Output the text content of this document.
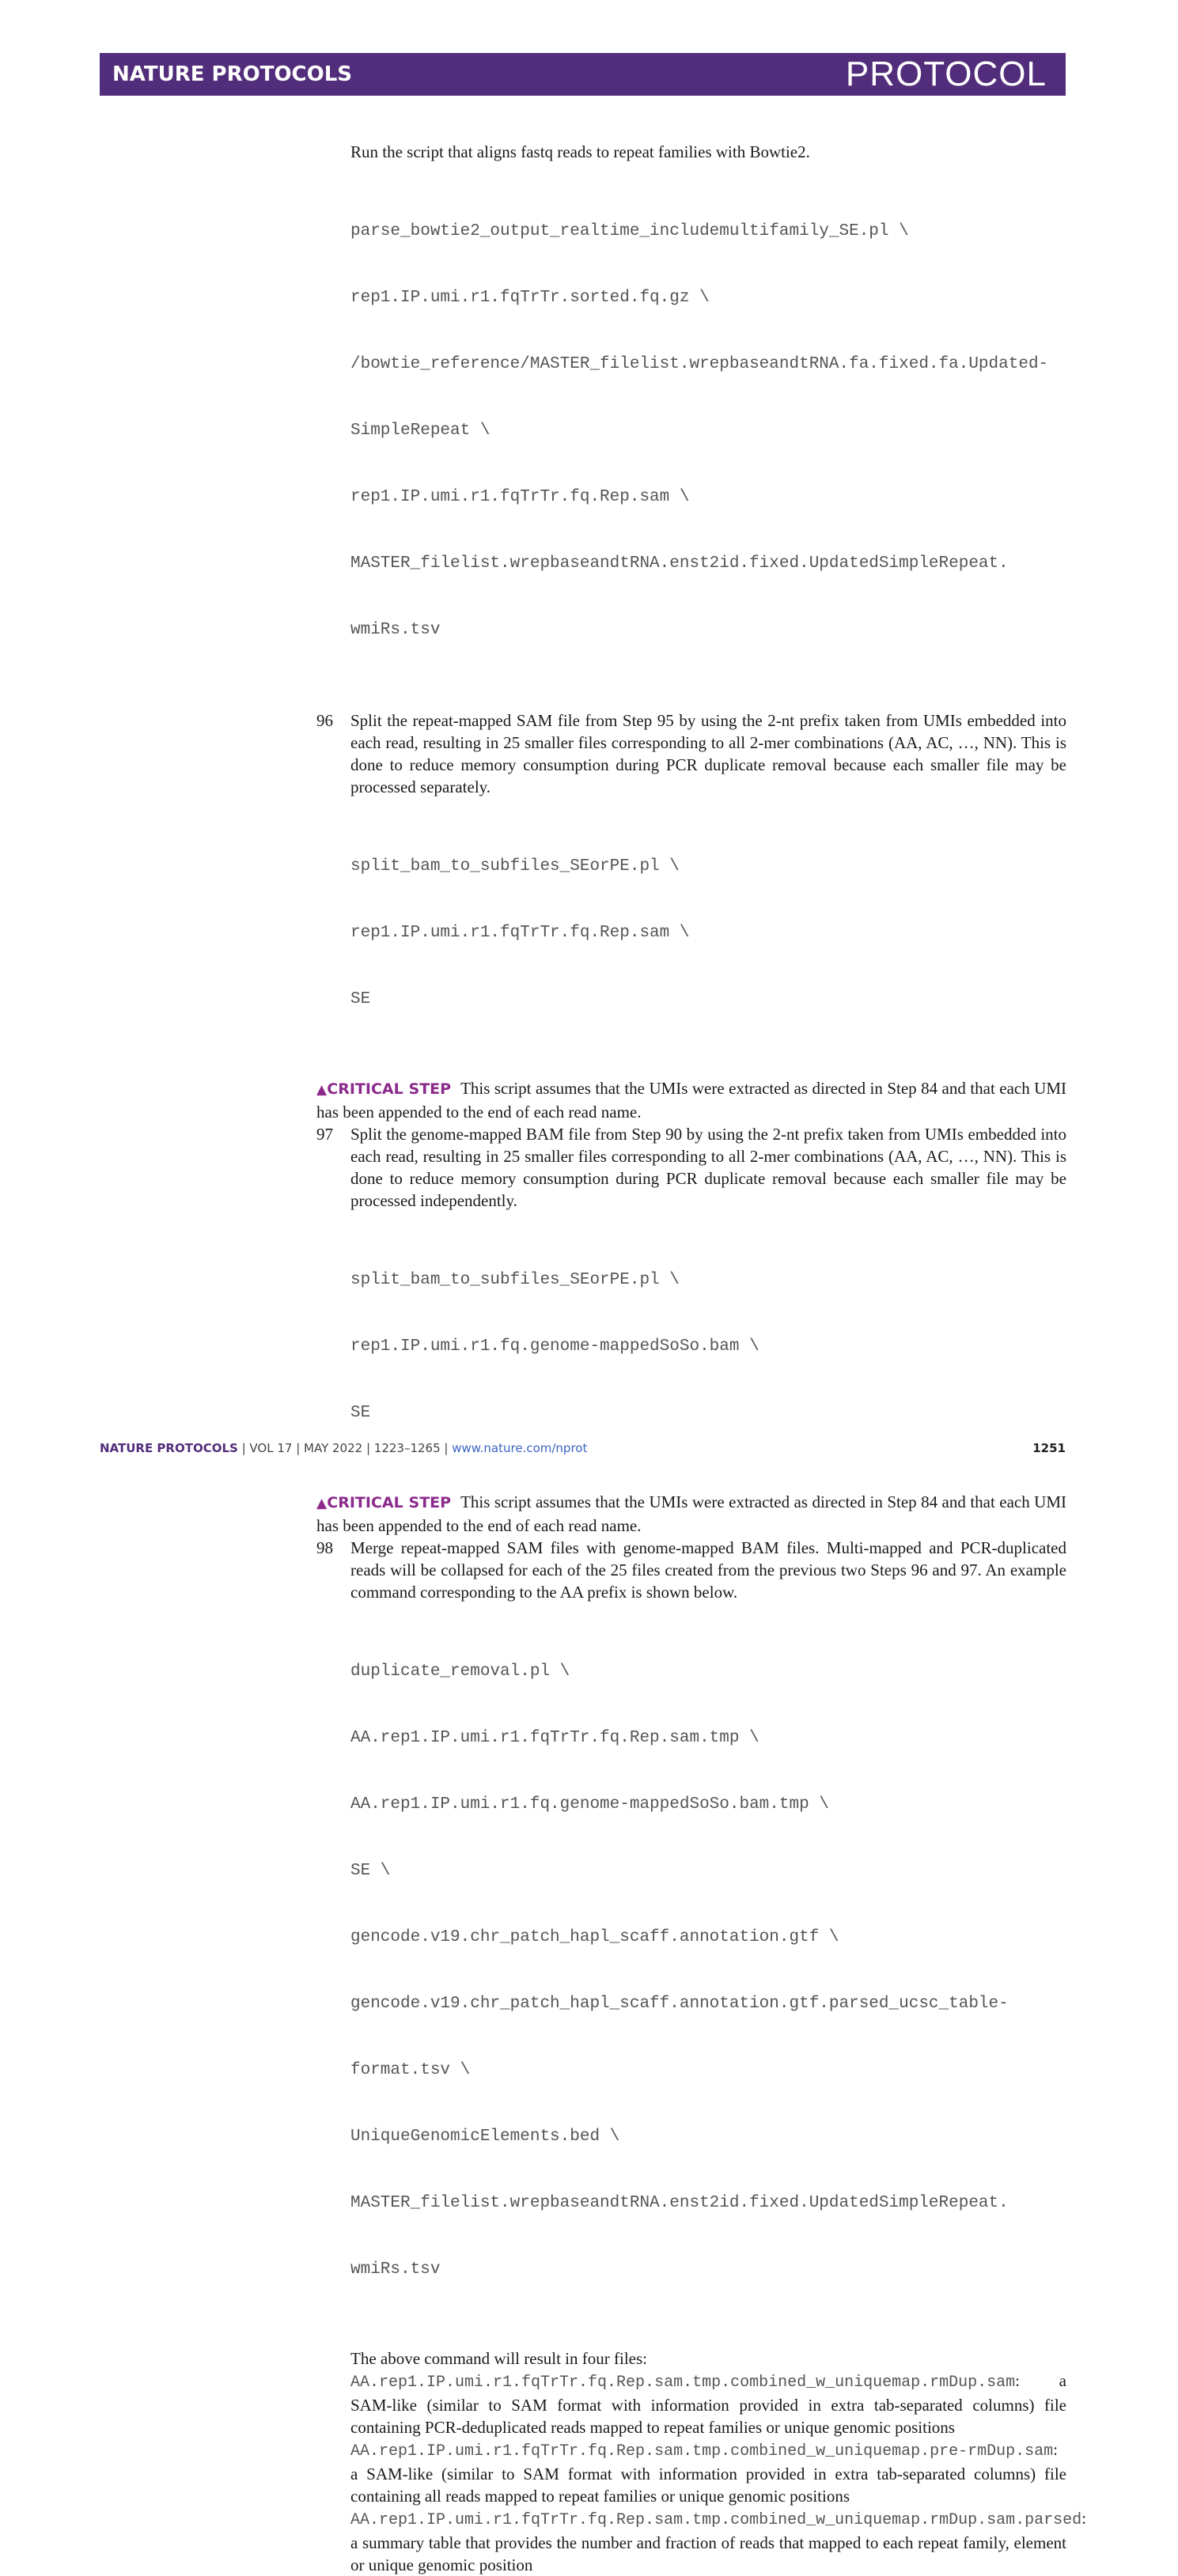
NATURE PROTOCOLS	PROTOCOL

Run the script that aligns fastq reads to repeat families with Bowtie2.

parse_bowtie2_output_realtime_includemultifamily_SE.pl \

rep1.IP.umi.r1.fqTrTr.sorted.fq.gz \

/bowtie_reference/MASTER_filelist.wrepbaseandtRNA.fa.fixed.fa.Updated-

SimpleRepeat \

rep1.IP.umi.r1.fqTrTr.fq.Rep.sam \

MASTER_filelist.wrepbaseandtRNA.enst2id.fixed.UpdatedSimpleRepeat.

wmiRs.tsv

96 Split the repeat-mapped SAM file from Step 95 by using the 2-nt prefix taken from UMIs embedded into each read, resulting in 25 smaller files corresponding to all 2-mer combinations (AA, AC, …, NN). This is done to reduce memory consumption during PCR duplicate removal because each smaller file may be processed separately.

split_bam_to_subfiles_SEorPE.pl \

rep1.IP.umi.r1.fqTrTr.fq.Rep.sam \

SE

▲CRITICAL STEP This script assumes that the UMIs were extracted as directed in Step 84 and that each UMI has been appended to the end of each read name.
97 Split the genome-mapped BAM file from Step 90 by using the 2-nt prefix taken from UMIs embedded into each read, resulting in 25 smaller files corresponding to all 2-mer combinations (AA, AC, …, NN). This is done to reduce memory consumption during PCR duplicate removal because each smaller file may be processed independently.

split_bam_to_subfiles_SEorPE.pl \

rep1.IP.umi.r1.fq.genome-mappedSoSo.bam \

SE

▲CRITICAL STEP This script assumes that the UMIs were extracted as directed in Step 84 and that each UMI has been appended to the end of each read name.
98 Merge repeat-mapped SAM files with genome-mapped BAM files. Multi-mapped and PCR-duplicated reads will be collapsed for each of the 25 files created from the previous two Steps 96 and 97. An example command corresponding to the AA prefix is shown below.

duplicate_removal.pl \

AA.rep1.IP.umi.r1.fqTrTr.fq.Rep.sam.tmp \

AA.rep1.IP.umi.r1.fq.genome-mappedSoSo.bam.tmp \

SE \

gencode.v19.chr_patch_hapl_scaff.annotation.gtf \

gencode.v19.chr_patch_hapl_scaff.annotation.gtf.parsed_ucsc_table-

format.tsv \

UniqueGenomicElements.bed \

MASTER_filelist.wrepbaseandtRNA.enst2id.fixed.UpdatedSimpleRepeat.

wmiRs.tsv

The above command will result in four files:

AA.rep1.IP.umi.r1.fqTrTr.fq.Rep.sam.tmp.combined_w_uniquemap.rmDup.sam: a SAM-like (similar to SAM format with information provided in extra tab-separated columns) file containing PCR-deduplicated reads mapped to repeat families or unique genomic positions

AA.rep1.IP.umi.r1.fqTrTr.fq.Rep.sam.tmp.combined_w_uniquemap.pre-rmDup.sam: a SAM-like (similar to SAM format with information provided in extra tab-separated columns) file containing all reads mapped to repeat families or unique genomic positions

AA.rep1.IP.umi.r1.fqTrTr.fq.Rep.sam.tmp.combined_w_uniquemap.rmDup.sam.parsed: a summary table that provides the number and fraction of reads that mapped to each repeat family, element or unique genomic position

NATURE PROTOCOLS | VOL 17 | MAY 2022 | 1223–1265 | www.nature.com/nprot	1251
